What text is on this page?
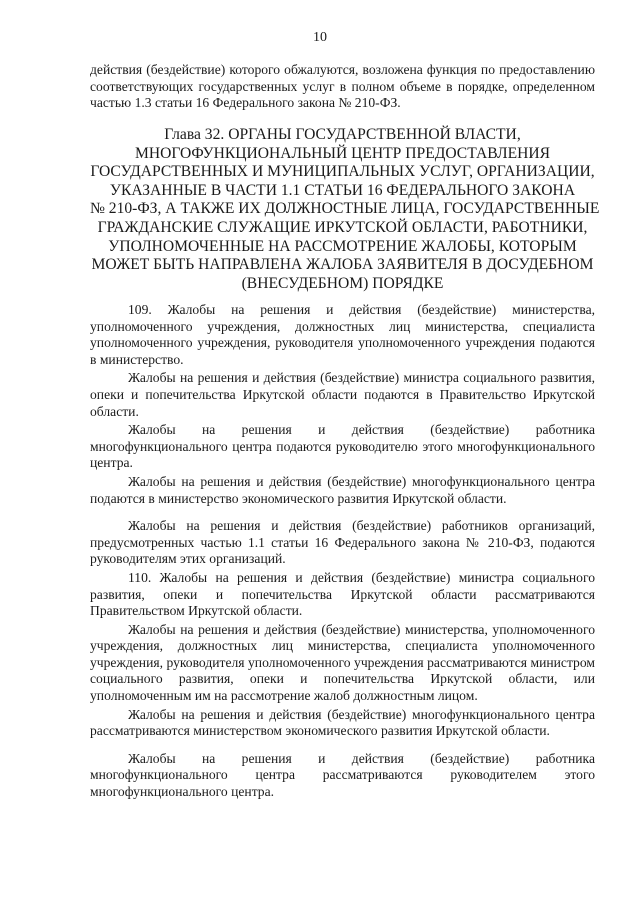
10
действия (бездействие) которого обжалуются, возложена функция по предоставлению соответствующих государственных услуг в полном объеме в порядке, определенном частью 1.3 статьи 16 Федерального закона № 210-ФЗ.
Глава 32. ОРГАНЫ ГОСУДАРСТВЕННОЙ ВЛАСТИ,
МНОГОФУНКЦИОНАЛЬНЫЙ ЦЕНТР ПРЕДОСТАВЛЕНИЯ
ГОСУДАРСТВЕННЫХ И МУНИЦИПАЛЬНЫХ УСЛУГ, ОРГАНИЗАЦИИ,
УКАЗАННЫЕ В ЧАСТИ 1.1 СТАТЬИ 16 ФЕДЕРАЛЬНОГО ЗАКОНА
№ 210-ФЗ, А ТАКЖЕ ИХ ДОЛЖНОСТНЫЕ ЛИЦА, ГОСУДАРСТВЕННЫЕ
ГРАЖДАНСКИЕ СЛУЖАЩИЕ ИРКУТСКОЙ ОБЛАСТИ, РАБОТНИКИ,
УПОЛНОМОЧЕННЫЕ НА РАССМОТРЕНИЕ ЖАЛОБЫ, КОТОРЫМ
МОЖЕТ БЫТЬ НАПРАВЛЕНА ЖАЛОБА ЗАЯВИТЕЛЯ В ДОСУДЕБНОМ
(ВНЕСУДЕБНОМ) ПОРЯДКЕ

109. Жалобы на решения и действия (бездействие) министерства, уполномоченного учреждения, должностных лиц министерства, специалиста уполномоченного учреждения, руководителя уполномоченного учреждения подаются в министерство.

Жалобы на решения и действия (бездействие) министра социального развития, опеки и попечительства Иркутской области подаются в Правительство Иркутской области.

Жалобы на решения и действия (бездействие) работника многофункционального центра подаются руководителю этого многофункционального центра.

Жалобы на решения и действия (бездействие) многофункционального центра подаются в министерство экономического развития Иркутской области.

Жалобы на решения и действия (бездействие) работников организаций, предусмотренных частью 1.1 статьи 16 Федерального закона № 210-ФЗ, подаются руководителям этих организаций.

110. Жалобы на решения и действия (бездействие) министра социального развития, опеки и попечительства Иркутской области рассматриваются Правительством Иркутской области.

Жалобы на решения и действия (бездействие) министерства, уполномоченного учреждения, должностных лиц министерства, специалиста уполномоченного учреждения, руководителя уполномоченного учреждения рассматриваются министром социального развития, опеки и попечительства Иркутской области, или уполномоченным им на рассмотрение жалоб должностным лицом.

Жалобы на решения и действия (бездействие) многофункционального центра рассматриваются министерством экономического развития Иркутской области.

Жалобы на решения и действия (бездействие) работника многофункционального центра рассматриваются руководителем этого многофункционального центра.
